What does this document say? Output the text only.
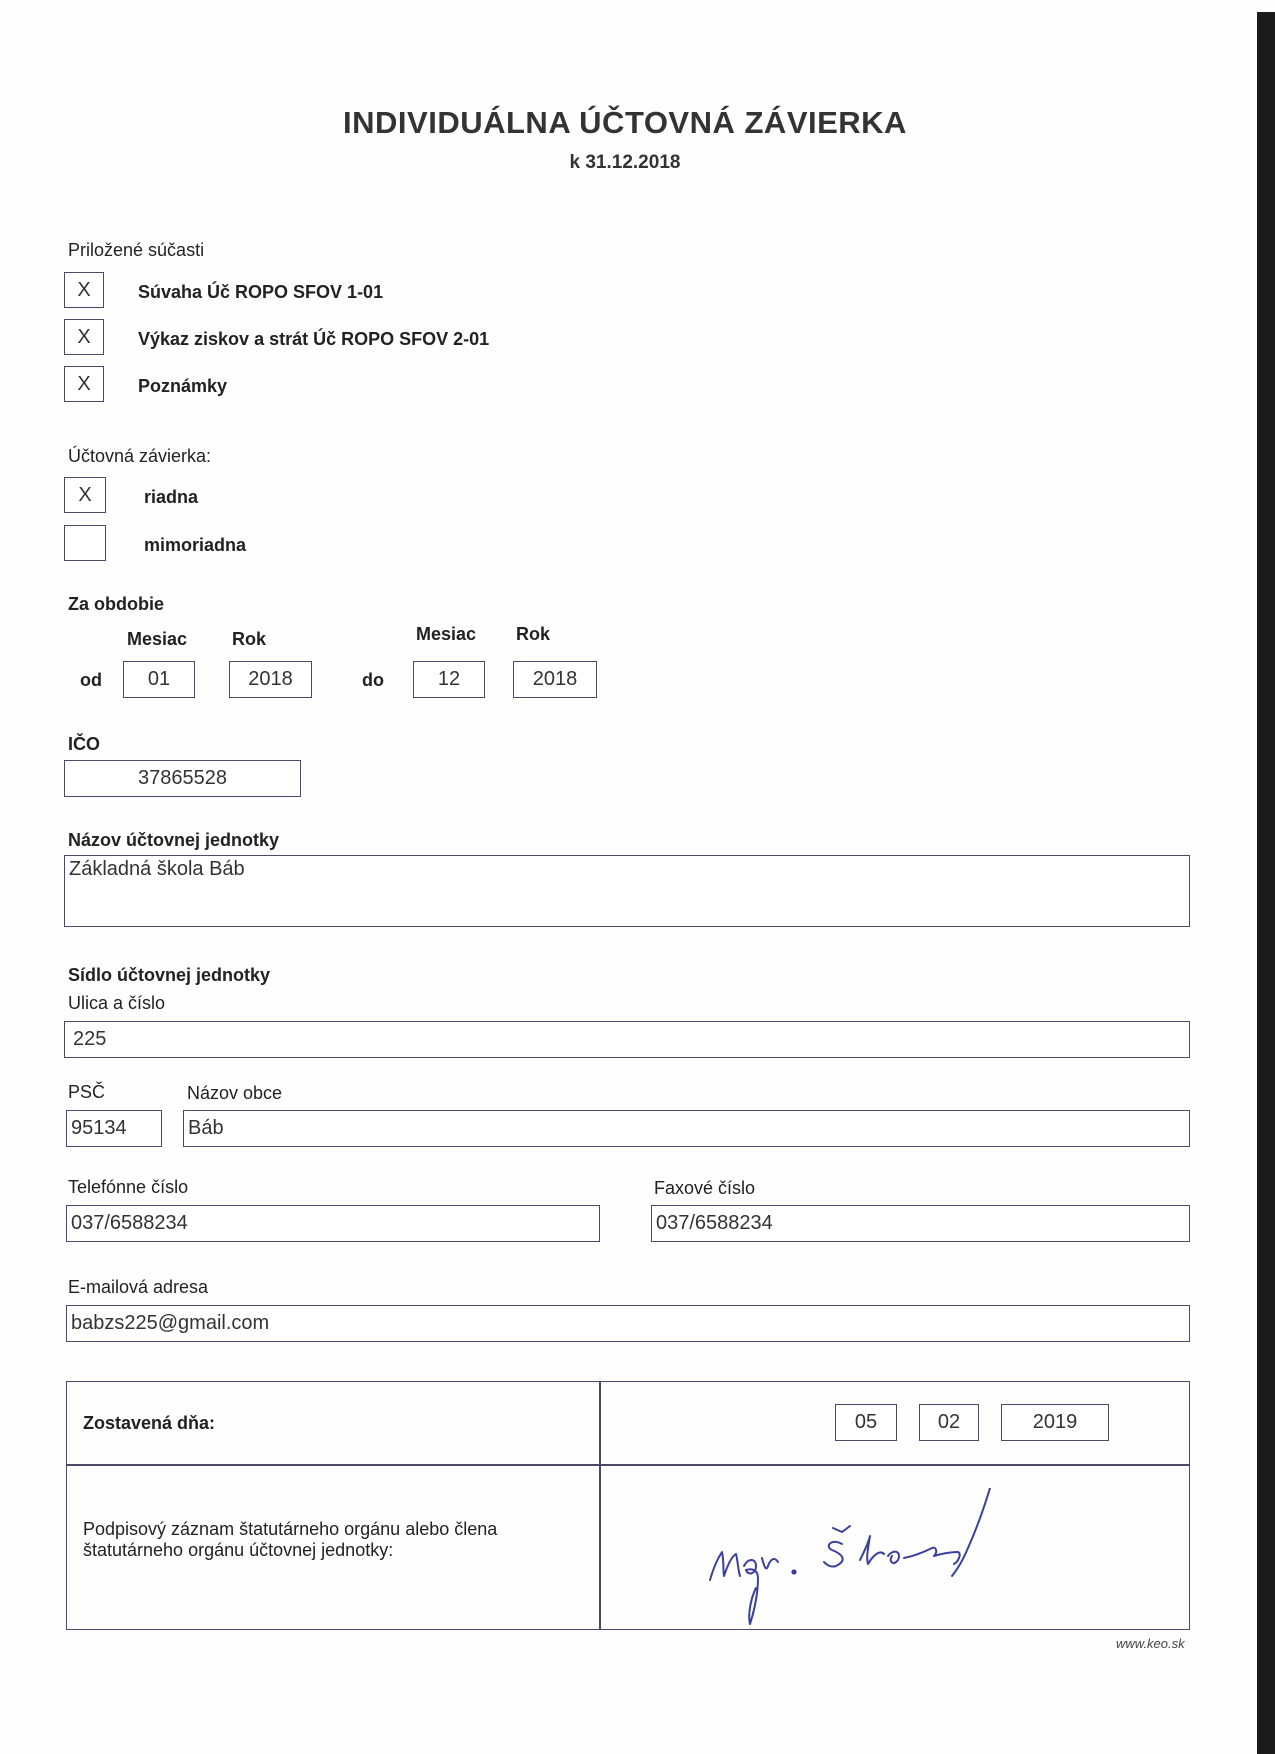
INDIVIDUÁLNA ÚČTOVNÁ ZÁVIERKA
k 31.12.2018
Priložené súčasti
X	Súvaha Úč ROPO SFOV 1-01
X	Výkaz ziskov a strát Úč ROPO SFOV 2-01
X	Poznámky
Účtovná závierka:
X	riadna
mimoriadna
Za obdobie
Mesiac Rok	Mesiac Rok
od	01	2018	do	12	2018
IČO
37865528
Názov účtovnej jednotky
Základná škola Báb
Sídlo účtovnej jednotky
Ulica a číslo
225
PSČ	Názov obce
95134	Báb
Telefónne číslo	Faxové číslo
037/6588234	037/6588234
E-mailová adresa
babzs225@gmail.com
Zostavená dňa:	05	02	2019
Podpisový záznam štatutárneho orgánu alebo člena štatutárneho orgánu účtovnej jednotky:
www.keo.sk
